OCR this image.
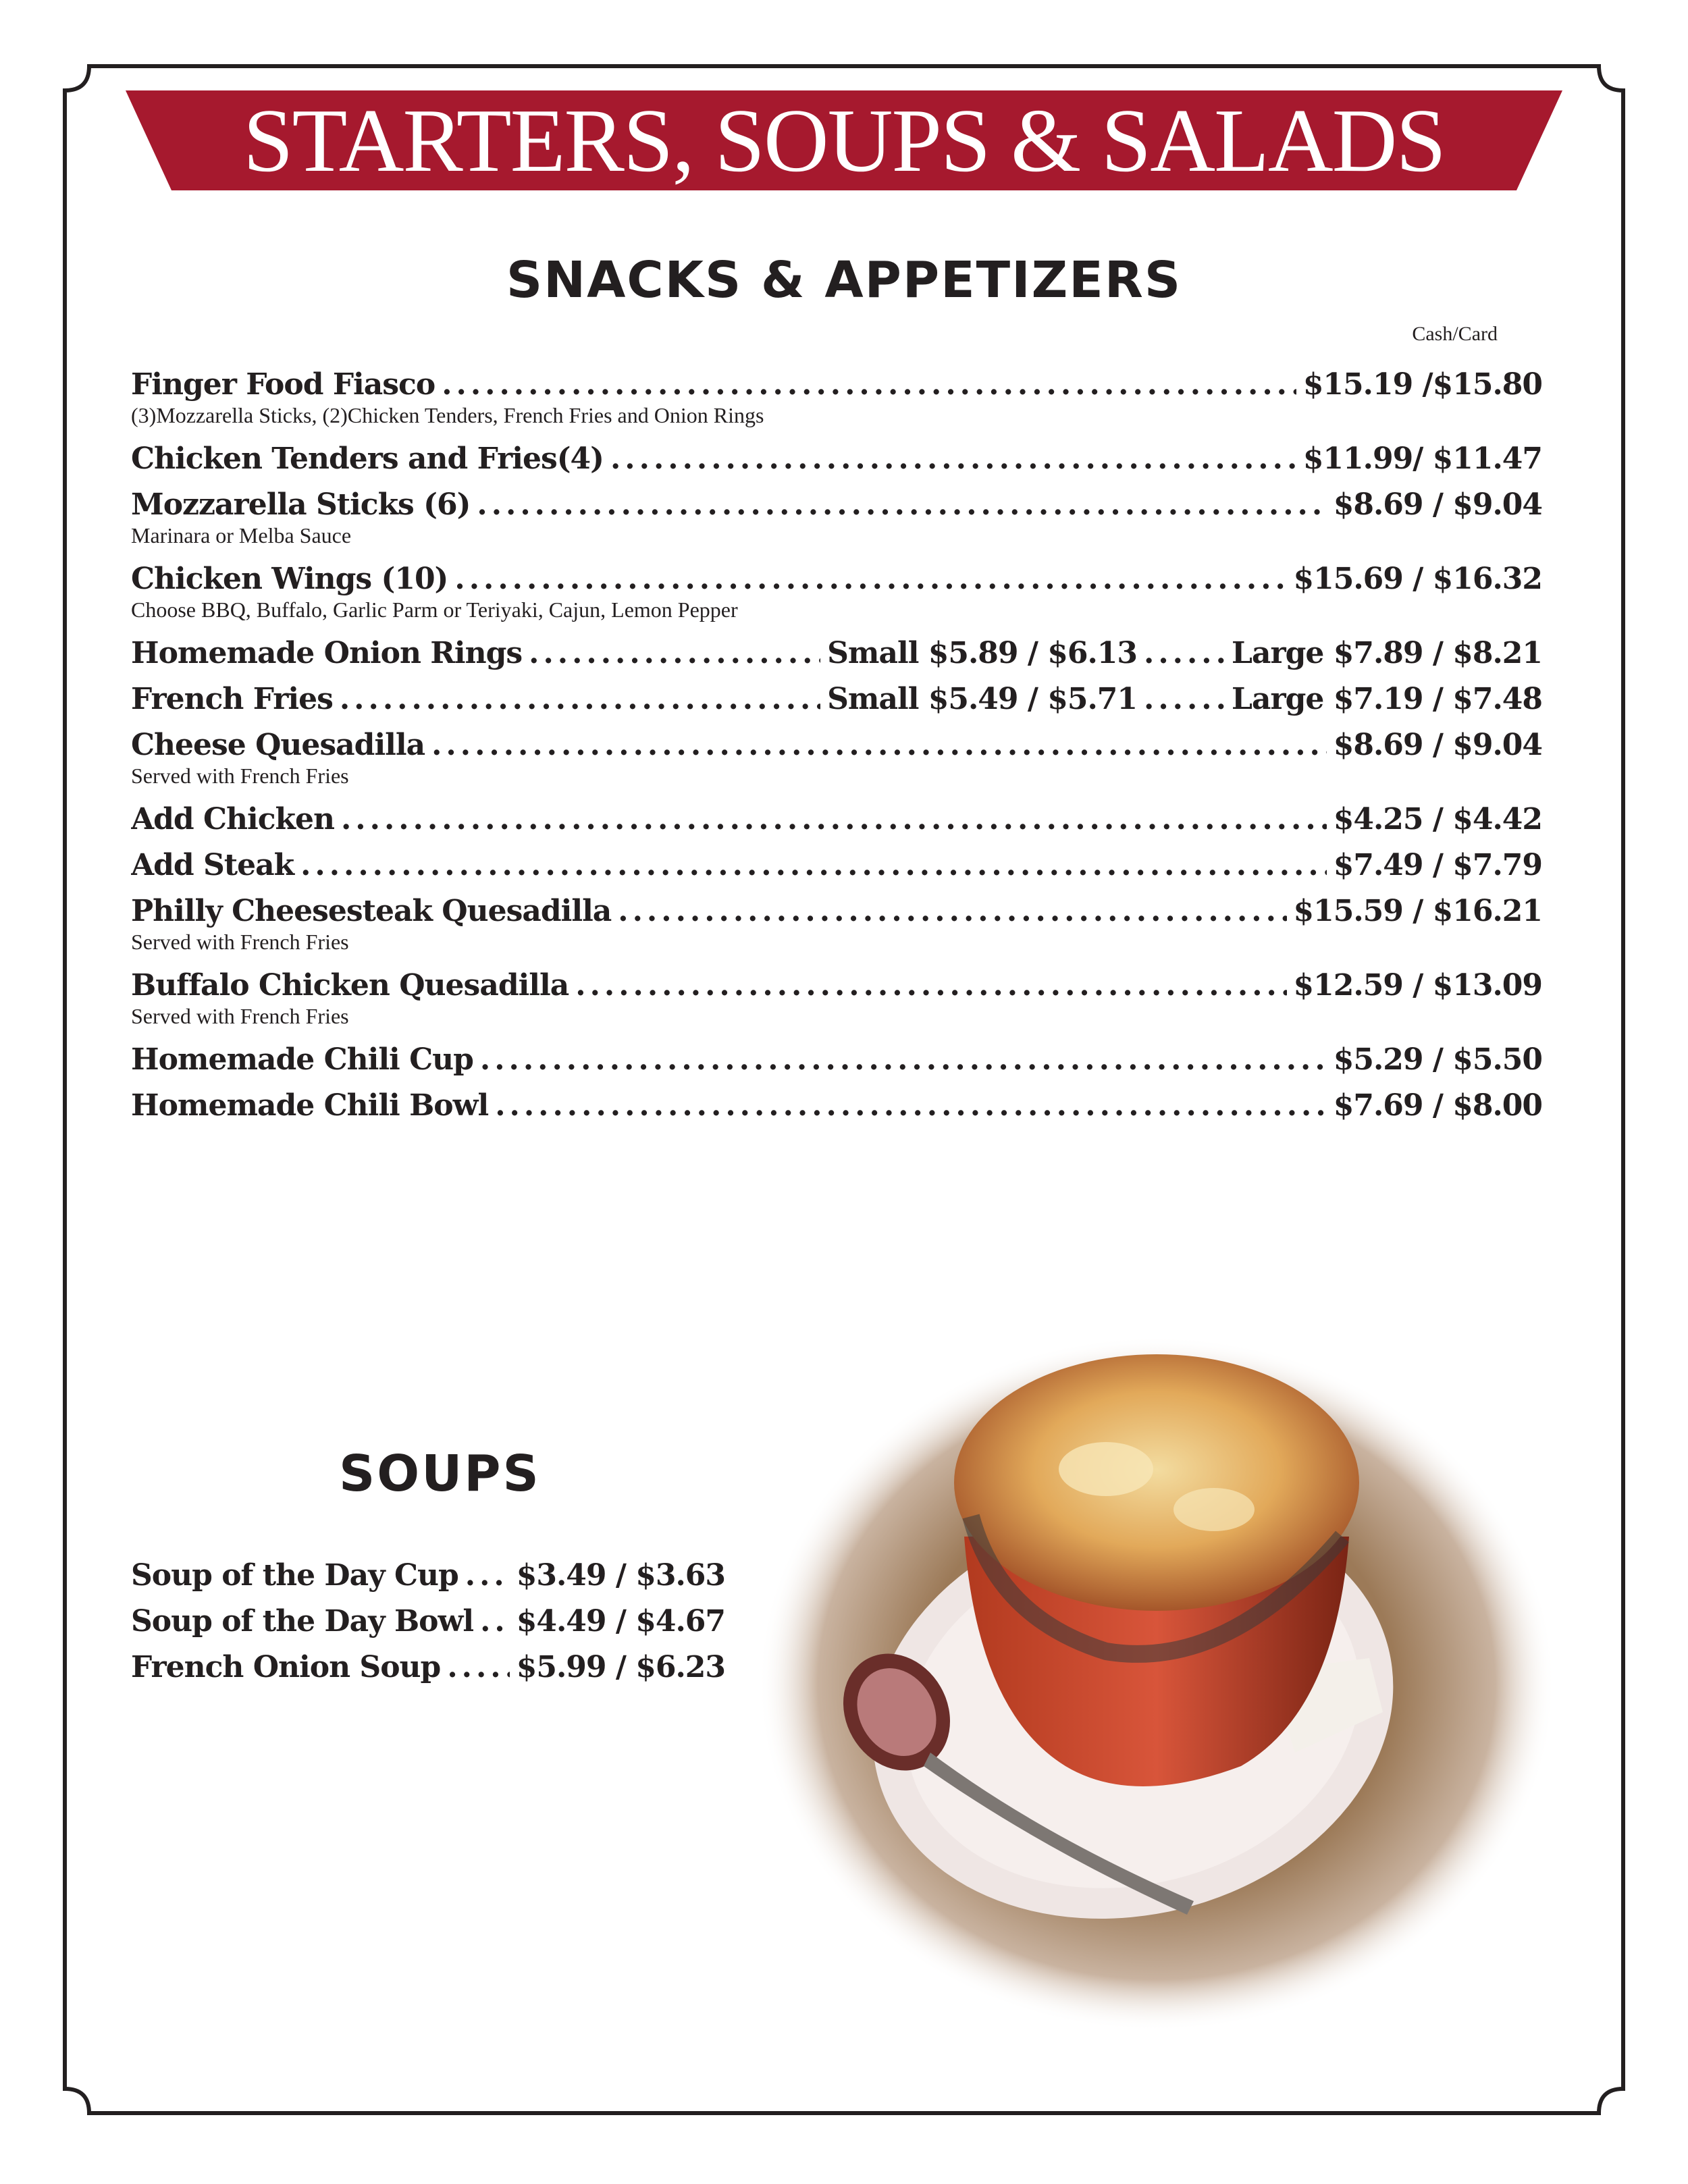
STARTERS, SOUPS & SALADS
SNACKS & APPETIZERS
Cash/Card
Finger Food Fiasco .....	$15.19 /$15.80
(3)Mozzarella Sticks, (2)Chicken Tenders, French Fries and Onion Rings
Chicken Tenders and Fries(4) .....	$11.99/ $11.47
Mozzarella Sticks (6) .....	$8.69 / $9.04
Marinara or Melba Sauce
Chicken Wings (10) .....	$15.69 / $16.32
Choose BBQ, Buffalo, Garlic Parm or Teriyaki, Cajun, Lemon Pepper
Homemade Onion Rings .....	Small $5.89 / $6.13 .....	Large $7.89 / $8.21
French Fries .....	Small $5.49 / $5.71 .....	Large $7.19 / $7.48
Cheese Quesadilla .....	$8.69 / $9.04
Served with French Fries
Add Chicken .....	$4.25 / $4.42
Add Steak .....	$7.49 / $7.79
Philly Cheesesteak Quesadilla .....	$15.59 / $16.21
Served with French Fries
Buffalo Chicken Quesadilla .....	$12.59 / $13.09
Served with French Fries
Homemade Chili Cup .....	$5.29 / $5.50
Homemade Chili Bowl .....	$7.69 / $8.00
SOUPS
Soup of the Day Cup ..... $3.49 / $3.63
Soup of the Day Bowl ..... $4.49 / $4.67
French Onion Soup .....	$5.99 / $6.23
